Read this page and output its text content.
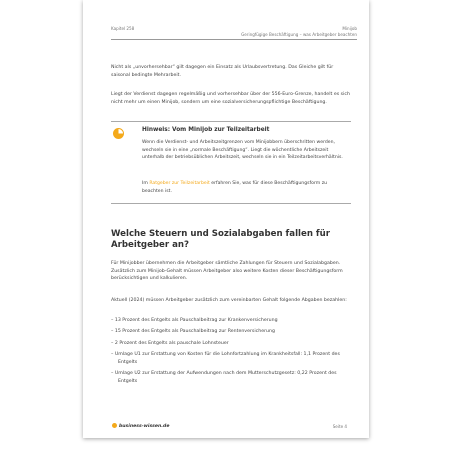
Kapitel 258	Minijob
Geringfügige Beschäftigung – was Arbeitgeber beachten
Nicht als „unvorhersehbar“ gilt dagegen ein Einsatz als Urlaubsvertretung. Das Gleiche gilt für saisonal bedingte Mehrarbeit.
Liegt der Verdienst dagegen regelmäßig und vorhersehbar über der 556-Euro-Grenze, handelt es sich nicht mehr um einen Minijob, sondern um eine sozialversicherungspflichtige Beschäftigung.
Hinweis: Vom Minijob zur Teilzeitarbeit
Wenn die Verdienst- und Arbeitszeitgrenzen vom Minijobbern überschritten werden, wechseln sie in eine „normale Beschäftigung“. Liegt die wöchentliche Arbeitszeit unterhalb der betriebsüblichen Arbeitszeit, wechseln sie in ein Teilzeitarbeitsverhältnis.
Im Ratgeber zur Teilzeitarbeit erfahren Sie, was für diese Beschäftigungsform zu beachten ist.
Welche Steuern und Sozialabgaben fallen für Arbeitgeber an?
Für Minijobber übernehmen die Arbeitgeber sämtliche Zahlungen für Steuern und Sozialabgaben. Zusätzlich zum Minijob-Gehalt müssen Arbeitgeber also weitere Kosten dieser Beschäftigungsform berücksichtigen und kalkulieren.
Aktuell (2024) müssen Arbeitgeber zusätzlich zum vereinbarten Gehalt folgende Abgaben bezahlen:
– 13 Prozent des Entgelts als Pauschalbeitrag zur Krankenversicherung
– 15 Prozent des Entgelts als Pauschalbeitrag zur Rentenversicherung
– 2 Prozent des Entgelts als pauschale Lohnsteuer
– Umlage U1 zur Erstattung von Kosten für die Lohnfortzahlung im Krankheitsfall: 1,1 Prozent des Entgelts
– Umlage U2 zur Erstattung der Aufwendungen nach dem Mutterschutzgesetz: 0,22 Prozent des Entgelts
business-wissen.de	Seite 4
